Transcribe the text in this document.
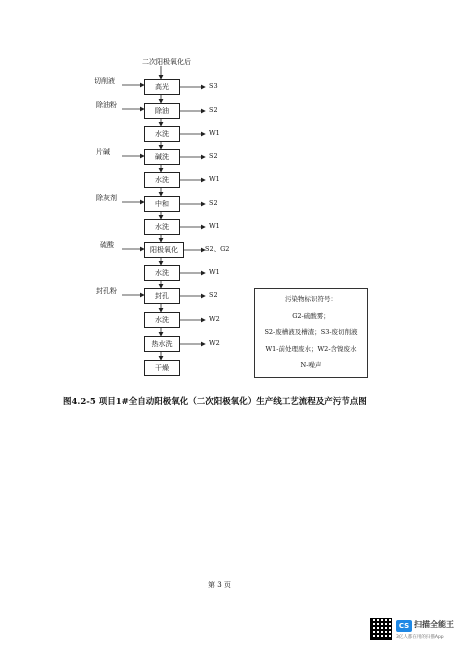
二次阳极氧化后
高光
除油
水洗
碱洗
水洗
中和
水洗
阳极氧化
水洗
封孔
水洗
热水洗
干燥
切削液
除油粉
片碱
除灰剂
硫酸
封孔粉
S3
S2
W1
S2
W1
S2
W1
S2、G2
W1
S2
W2
W2
污染物标识符号：
G2-硫酸雾；
S2-废槽液及槽渣；S3-废切削液
W1-前处理废水；W2-含镍废水
N-噪声
图4.2-5 项目1#全自动阳极氧化（二次阳极氧化）生产线工艺流程及产污节点图
第 3 页
CS 扫描全能王
3亿人都在用的扫描App
